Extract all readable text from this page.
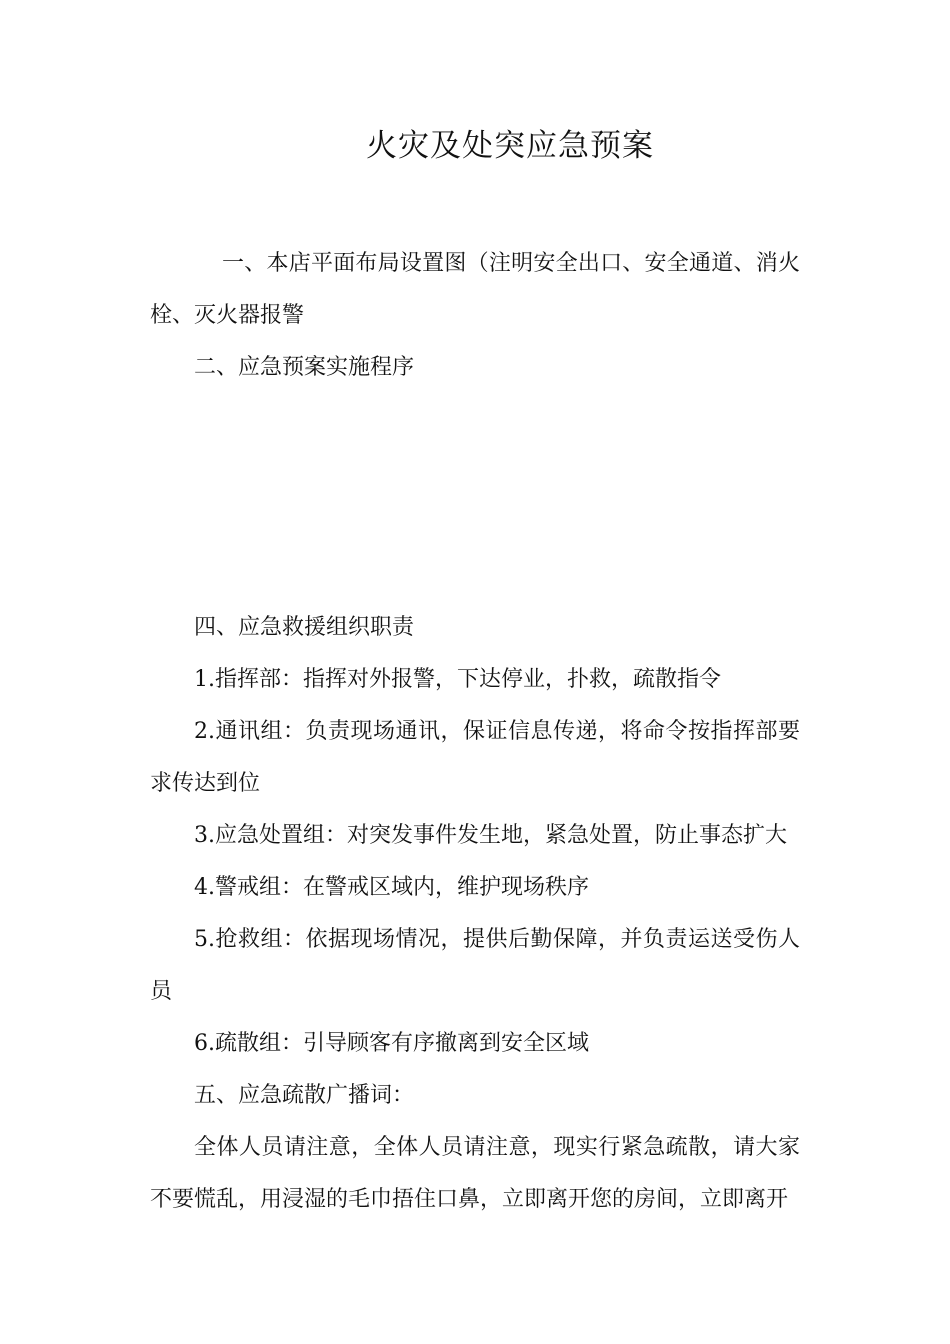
火灾及处突应急预案

一、本店平面布局设置图（注明安全出口、安全通道、消火栓、灭火器报警

二、应急预案实施程序

四、应急救援组织职责

1.指挥部：指挥对外报警，下达停业，扑救，疏散指令

2.通讯组：负责现场通讯，保证信息传递，将命令按指挥部要求传达到位

3.应急处置组：对突发事件发生地，紧急处置，防止事态扩大

4.警戒组：在警戒区域内，维护现场秩序

5.抢救组：依据现场情况，提供后勤保障，并负责运送受伤人员

6.疏散组：引导顾客有序撤离到安全区域

五、应急疏散广播词：

全体人员请注意，全体人员请注意，现实行紧急疏散，请大家不要慌乱，用浸湿的毛巾捂住口鼻，立即离开您的房间，立即离开
